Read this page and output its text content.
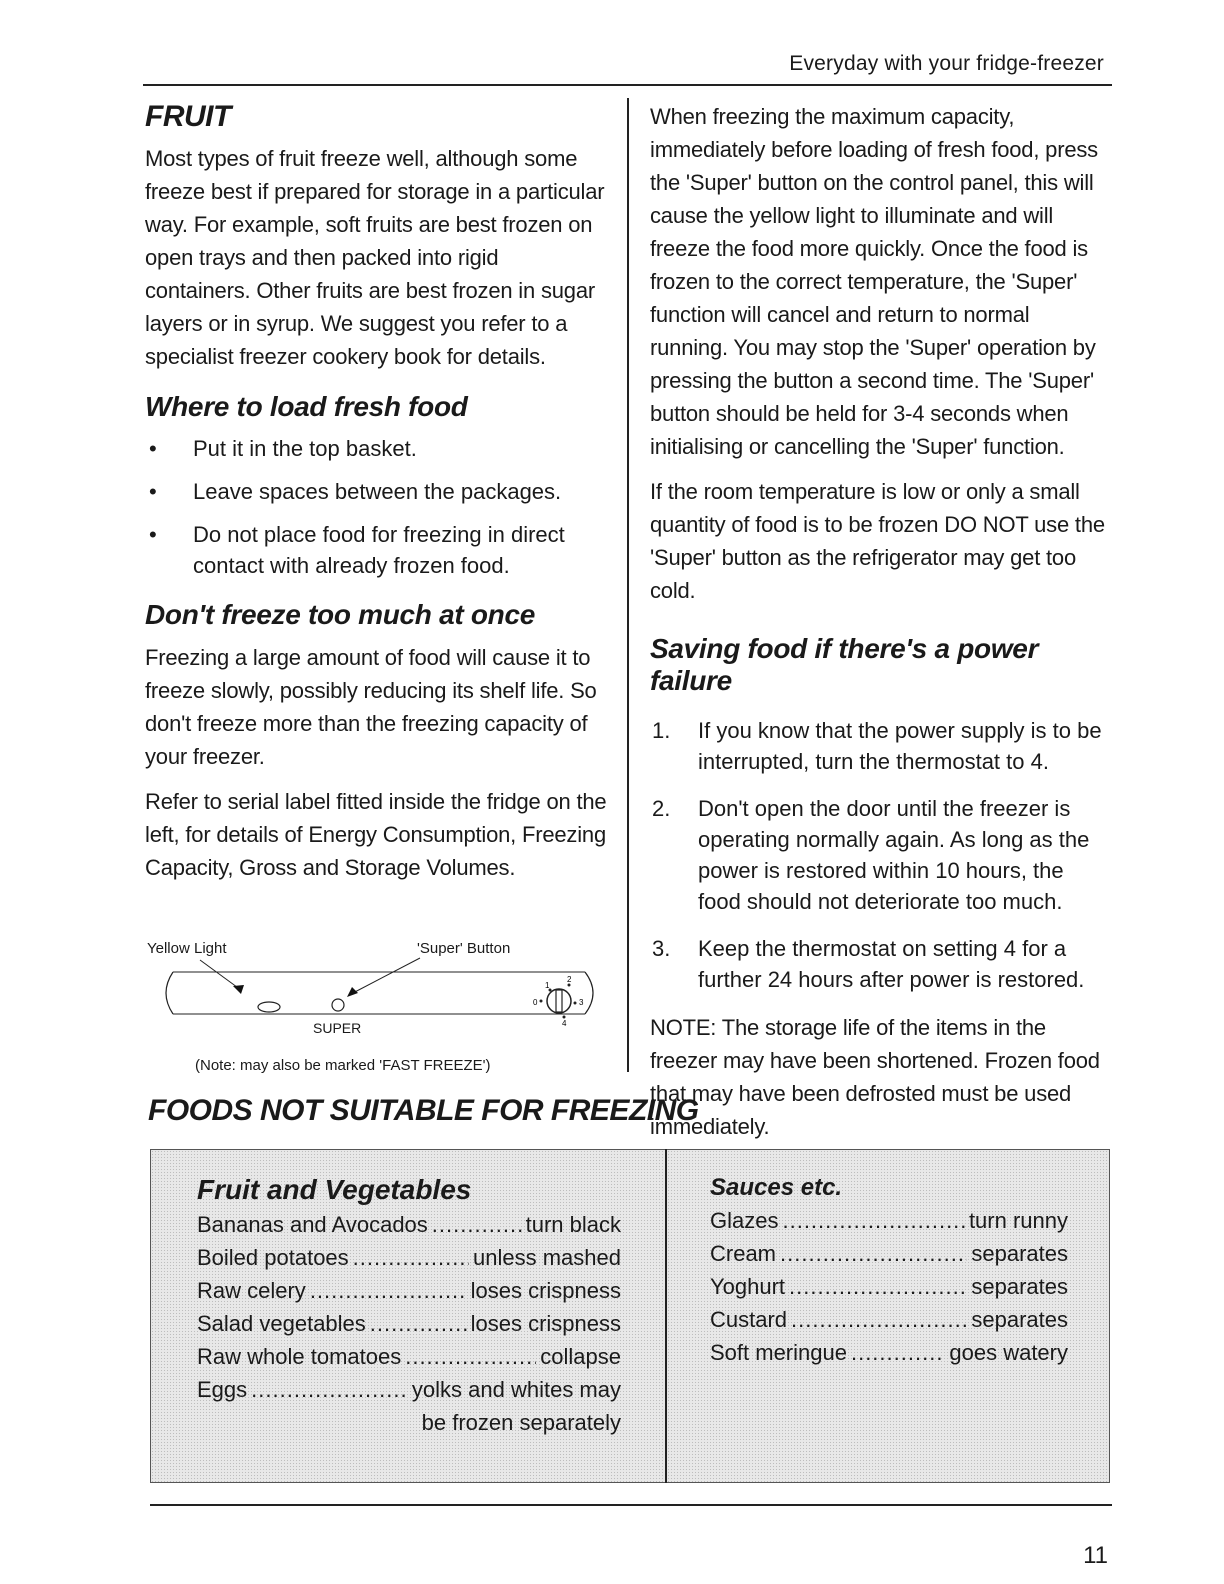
Everyday with your fridge-freezer
FRUIT

Most types of fruit freeze well, although some freeze best if prepared for storage in a particular way. For example, soft fruits are best frozen on open trays and then packed into rigid containers. Other fruits are best frozen in sugar layers or in syrup. We suggest you refer to a specialist freezer cookery book for details.

Where to load fresh food
• Put it in the top basket.
• Leave spaces between the packages.
• Do not place food for freezing in direct contact with already frozen food.
Don't freeze too much at once

Freezing a large amount of food will cause it to freeze slowly, possibly reducing its shelf life. So don't freeze more than the freezing capacity of your freezer.

Refer to serial label fitted inside the fridge on the left, for details of Energy Consumption, Freezing Capacity, Gross and Storage Volumes.

Yellow Light	'Super' Button
0
1
2
3
4
SUPER
(Note: may also be marked 'FAST FREEZE')
FOODS NOT SUITABLE FOR FREEZING

When freezing the maximum capacity, immediately before loading of fresh food, press the 'Super' button on the control panel, this will cause the yellow light to illuminate and will freeze the food more quickly. Once the food is frozen to the correct temperature, the 'Super' function will cancel and return to normal running. You may stop the 'Super' operation by pressing the button a second time. The 'Super' button should be held for 3-4 seconds when initialising or cancelling the 'Super' function.

If the room temperature is low or only a small quantity of food is to be frozen DO NOT use the 'Super' button as the refrigerator may get too cold.

Saving food if there's a power failure
1. If you know that the power supply is to be interrupted, turn the thermostat to 4.
2. Don't open the door until the freezer is operating normally again. As long as the power is restored within 10 hours, the food should not deteriorate too much.
3. Keep the thermostat on setting 4 for a further 24 hours after power is restored.

NOTE: The storage life of the items in the freezer may have been shortened. Frozen food that may have been defrosted must be used immediately.

Fruit and Vegetables
Bananas and Avocados .....	turn black
Boiled potatoes .....	unless mashed
Raw celery .....	loses crispness
Salad vegetables .....	loses crispness
Raw whole tomatoes .....	collapse
Eggs .....	yolks and whites may
be frozen separately
Sauces etc.
Glazes .....	turn runny
Cream .....	separates
Yoghurt .....	separates
Custard .....	separates
Soft meringue .....	goes watery
11
